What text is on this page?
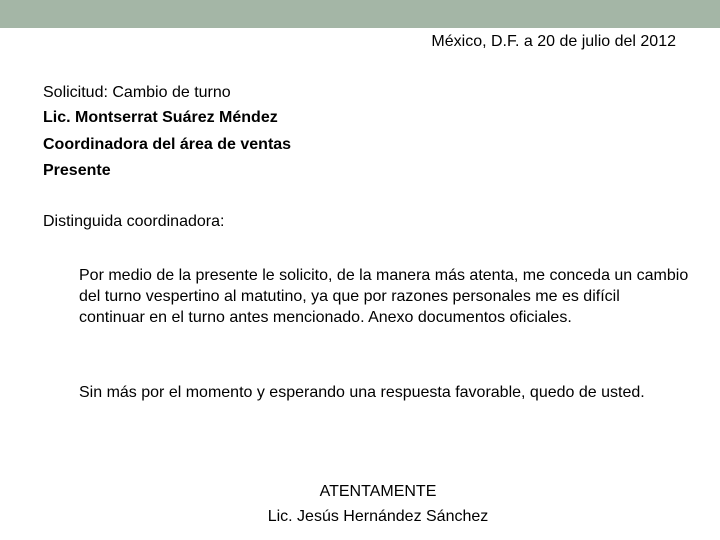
México, D.F. a 20 de julio del 2012
Solicitud: Cambio de turno
Lic. Montserrat Suárez Méndez
Coordinadora del área de ventas
Presente
Distinguida coordinadora:
Por medio de la presente le solicito, de la manera más atenta, me conceda un cambio del turno vespertino al matutino, ya que por razones personales me es difícil continuar en el turno antes mencionado. Anexo documentos oficiales.
Sin más por el momento y esperando una respuesta favorable, quedo de usted.
ATENTAMENTE
Lic. Jesús Hernández Sánchez
